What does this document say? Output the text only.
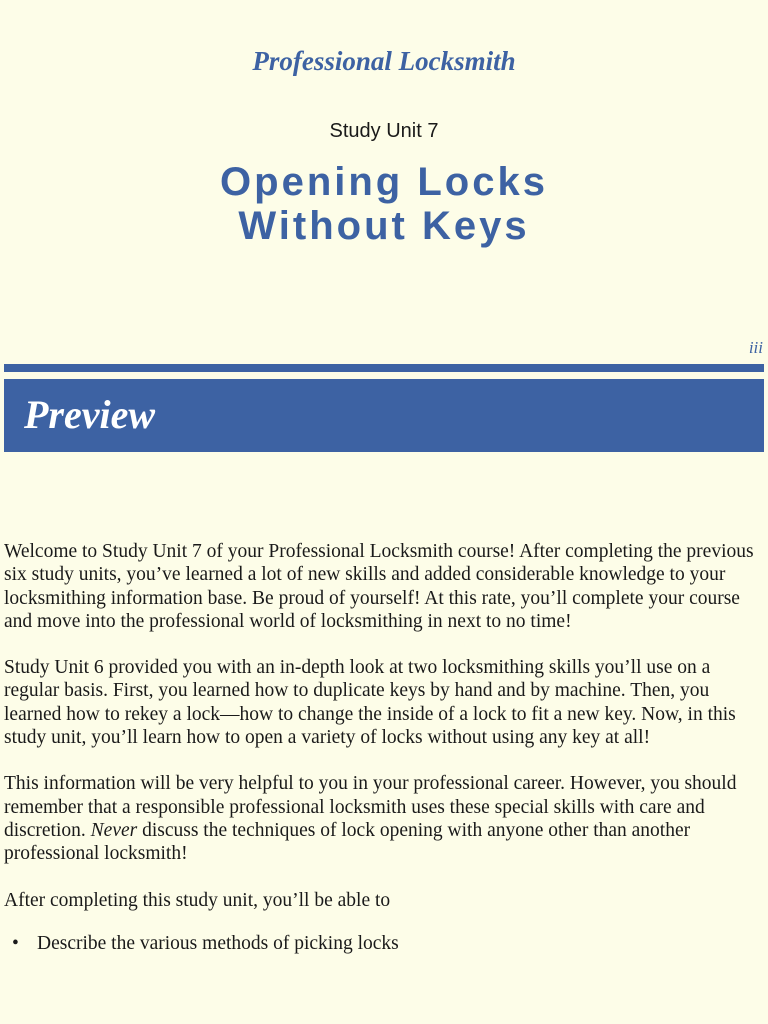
Professional Locksmith
Study Unit 7
Opening Locks
Without Keys
iii
Preview

Welcome to Study Unit 7 of your Professional Locksmith course! After completing the previous six study units, you’ve learned a lot of new skills and added considerable knowledge to your locksmithing information base. Be proud of yourself! At this rate, you’ll complete your course and move into the professional world of locksmithing in next to no time!

Study Unit 6 provided you with an in-depth look at two locksmithing skills you’ll use on a regular basis. First, you learned how to duplicate keys by hand and by machine. Then, you learned how to rekey a lock—how to change the inside of a lock to fit a new key. Now, in this study unit, you’ll learn how to open a variety of locks without using any key at all!

This information will be very helpful to you in your professional career. However, you should remember that a responsible professional locksmith uses these special skills with care and discretion. Never discuss the techniques of lock opening with anyone other than another professional locksmith!

After completing this study unit, you’ll be able to

• Describe the various methods of picking locks
